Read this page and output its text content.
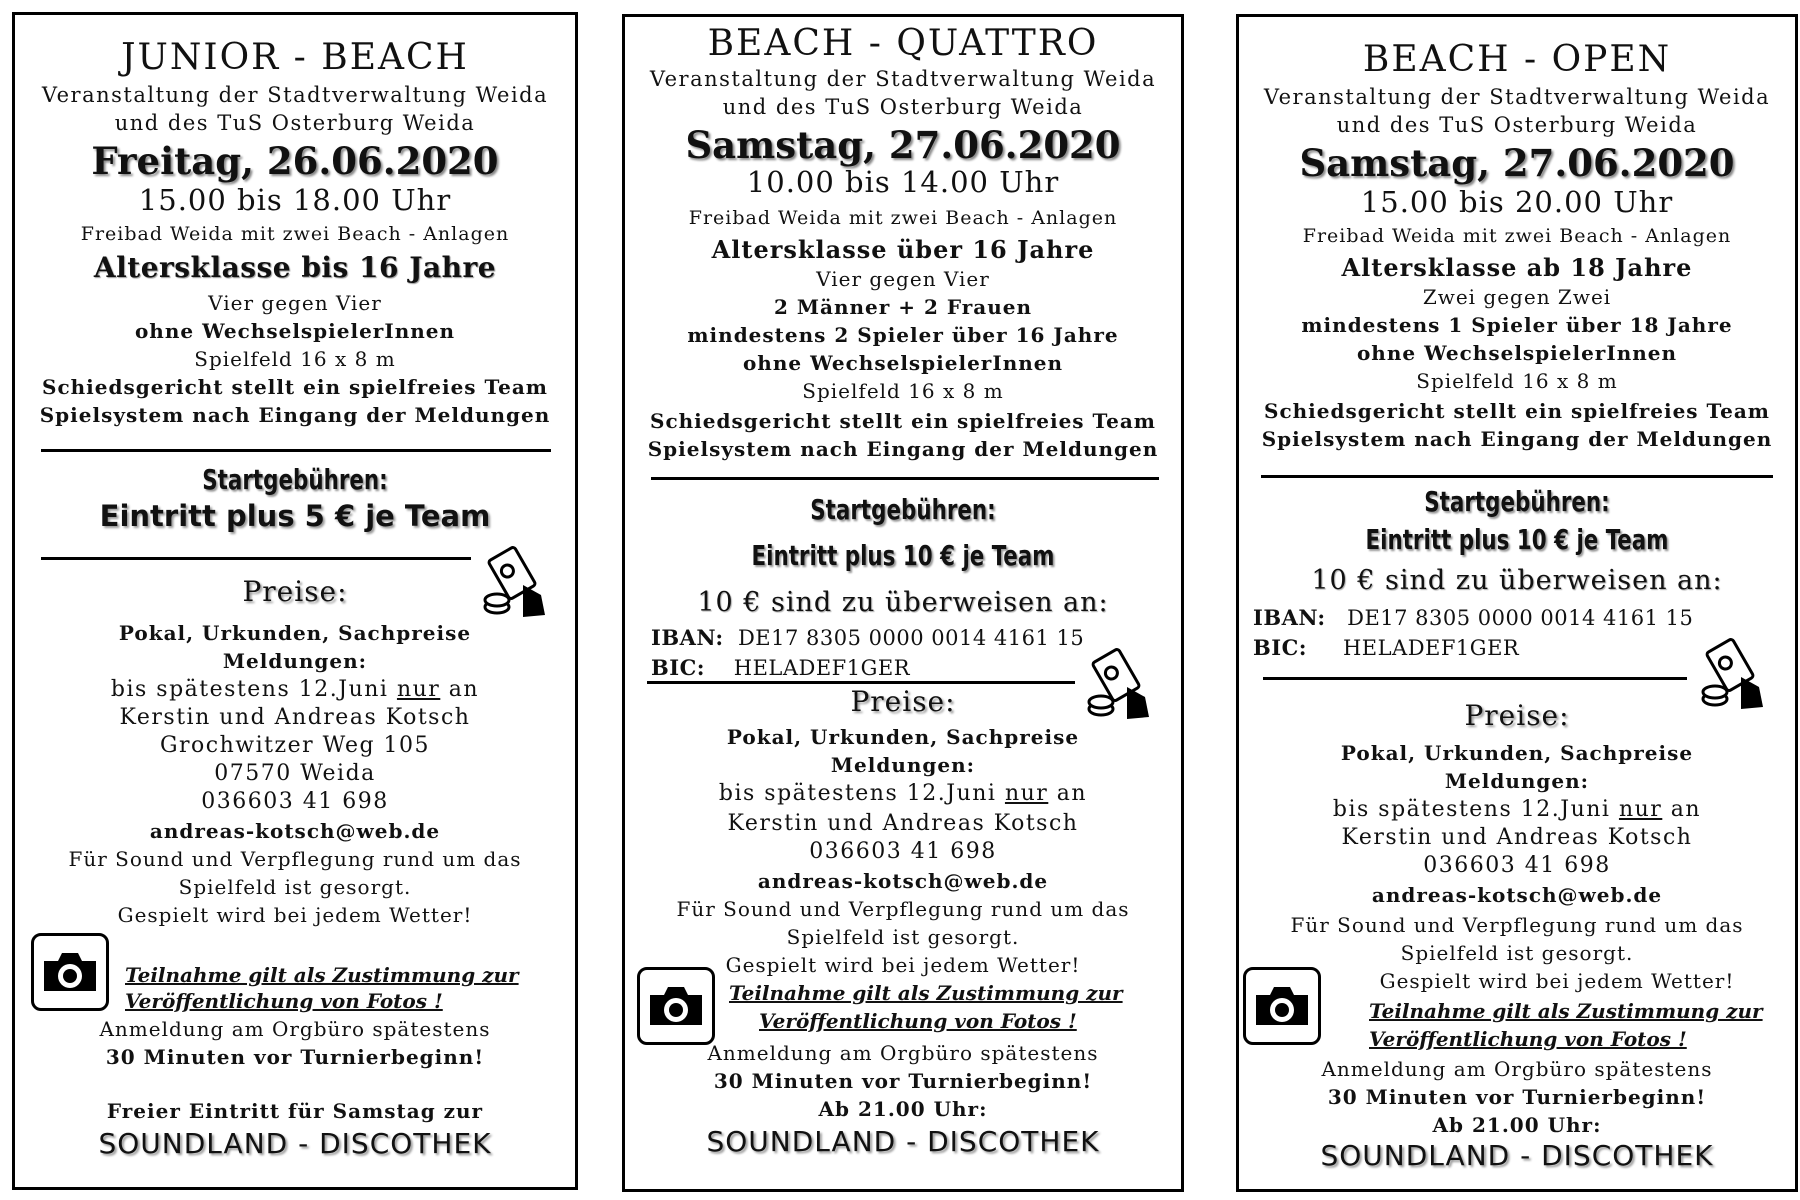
JUNIOR - BEACH
Veranstaltung der Stadtverwaltung Weida
und des TuS Osterburg Weida
Freitag, 26.06.2020
15.00 bis 18.00 Uhr
Freibad Weida mit zwei Beach - Anlagen
Altersklasse bis 16 Jahre
Vier gegen Vier
ohne WechselspielerInnen
Spielfeld 16 x 8 m
Schiedsgericht stellt ein spielfreies Team
Spielsystem nach Eingang der Meldungen
Startgebühren:
Eintritt plus 5 € je Team
Preise:
Pokal, Urkunden, Sachpreise
Meldungen:
bis spätestens 12.Juni nur an
Kerstin und Andreas Kotsch
Grochwitzer Weg 105
07570 Weida
036603 41 698
andreas-kotsch@web.de
Für Sound und Verpflegung rund um das
Spielfeld ist gesorgt.
Gespielt wird bei jedem Wetter!
Teilnahme gilt als Zustimmung zur
Veröffentlichung von Fotos !
Anmeldung am Orgbüro spätestens
30 Minuten vor Turnierbeginn!
Freier Eintritt für Samstag zur
SOUNDLAND - DISCOTHEK
BEACH - QUATTRO
Veranstaltung der Stadtverwaltung Weida
und des TuS Osterburg Weida
Samstag, 27.06.2020
10.00 bis 14.00 Uhr
Freibad Weida mit zwei Beach - Anlagen
Altersklasse über 16 Jahre
Vier gegen Vier
2 Männer + 2 Frauen
mindestens 2 Spieler über 16 Jahre
ohne WechselspielerInnen
Spielfeld 16 x 8 m
Schiedsgericht stellt ein spielfreies Team
Spielsystem nach Eingang der Meldungen
Startgebühren:
Eintritt plus 10 € je Team
10 € sind zu überweisen an:
IBAN: DE17 8305 0000 0014 4161 15
BIC: HELADEF1GER
Preise:
Pokal, Urkunden, Sachpreise
Meldungen:
bis spätestens 12.Juni nur an
Kerstin und Andreas Kotsch
036603 41 698
andreas-kotsch@web.de
Für Sound und Verpflegung rund um das
Spielfeld ist gesorgt.
Gespielt wird bei jedem Wetter!
Teilnahme gilt als Zustimmung zur
Veröffentlichung von Fotos !
Anmeldung am Orgbüro spätestens
30 Minuten vor Turnierbeginn!
Ab 21.00 Uhr:
SOUNDLAND - DISCOTHEK
BEACH - OPEN
Veranstaltung der Stadtverwaltung Weida
und des TuS Osterburg Weida
Samstag, 27.06.2020
15.00 bis 20.00 Uhr
Freibad Weida mit zwei Beach - Anlagen
Altersklasse ab 18 Jahre
Zwei gegen Zwei
mindestens 1 Spieler über 18 Jahre
ohne WechselspielerInnen
Spielfeld 16 x 8 m
Schiedsgericht stellt ein spielfreies Team
Spielsystem nach Eingang der Meldungen
Startgebühren:
Eintritt plus 10 € je Team
10 € sind zu überweisen an:
IBAN: DE17 8305 0000 0014 4161 15
BIC: HELADEF1GER
Preise:
Pokal, Urkunden, Sachpreise
Meldungen:
bis spätestens 12.Juni nur an
Kerstin und Andreas Kotsch
036603 41 698
andreas-kotsch@web.de
Für Sound und Verpflegung rund um das
Spielfeld ist gesorgt.
Gespielt wird bei jedem Wetter!
Teilnahme gilt als Zustimmung zur
Veröffentlichung von Fotos !
Anmeldung am Orgbüro spätestens
30 Minuten vor Turnierbeginn!
Ab 21.00 Uhr:
SOUNDLAND - DISCOTHEK
